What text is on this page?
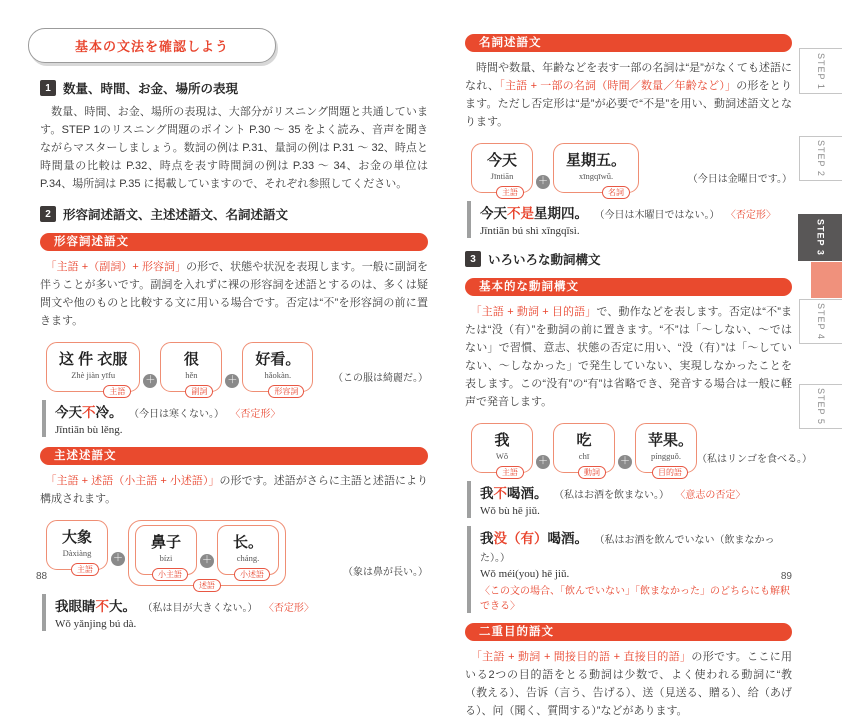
基本の文法を確認しよう
1 数量、時間、お金、場所の表現

　数量、時間、お金、場所の表現は、大部分がリスニング問題と共通しています。STEP 1のリスニング問題のポイント P.30 〜 35 をよく読み、音声を聞きながらマスターしましょう。数詞の例は P.31、量詞の例は P.31 〜 32、時点と時間量の比較は P.32、時点を表す時間詞の例は P.33 〜 34、お金の単位は P.34、場所詞は P.35 に掲載していますので、それぞれ参照してください。

2 形容詞述語文、主述述語文、名詞述語文
形容詞述語文

　「主語 +（副詞）+ 形容詞」の形で、状態や状況を表現します。一般に副詞を伴うことが多いです。副詞を入れずに裸の形容詞を述語とするのは、多くは疑問文や他のものと比較する文に用いる場合です。否定は“不”を形容詞の前に置きます。

这 件 衣服
Zhè jiàn yīfu
主語
＋
很
hěn
副詞
＋
好看。
hǎokàn.
形容詞
（この服は綺麗だ。）
今天不冷。 （今日は寒くない。） 〈否定形〉
Jīntiān bù lěng.
主述述語文

　「主語 + 述語（小主語 + 小述語）」の形です。述語がさらに主語と述語により構成されます。

大象
Dàxiàng
主語
＋
鼻子
bízi
小主語
＋
长。
cháng.
小述語
述語
（象は鼻が長い。）
我眼睛不大。 （私は目が大きくない。） 〈否定形〉
Wǒ yǎnjing bú dà.
名詞述語文

　時間や数量、年齢などを表す一部の名詞は“是”がなくても述語になれ、「主語 + 一部の名詞（時間／数量／年齢など）」の形をとります。ただし否定形は“是”が必要で“不是”を用い、動詞述語文となります。

今天
Jīntiān
主語
＋
星期五。
xīngqīwǔ.
名詞
（今日は金曜日です。）
今天不是星期四。 （今日は木曜日ではない。） 〈否定形〉
Jīntiān bú shì xīngqīsì.
3 いろいろな動詞構文
基本的な動詞構文

　「主語 + 動詞 + 目的語」で、動作などを表します。否定は“不”または“没（有）”を動詞の前に置きます。“不”は「〜しない、〜ではない」で習慣、意志、状態の否定に用い、“没（有）”は「〜していない、〜しなかった」で発生していない、実現しなかったことを表します。この“没有”の“有”は省略でき、発音する場合は一般に軽声で発音します。

我
Wǒ
主語
＋
吃
chī
動詞
＋
苹果。
píngguǒ.
目的語
（私はリンゴを食べる。）
我不喝酒。 （私はお酒を飲まない。） 〈意志の否定〉
Wǒ bù hē jiǔ.
我没（有）喝酒。 （私はお酒を飲んでいない（飲まなかった）。）
Wǒ méi(you) hē jiǔ.
〈この文の場合、「飲んでいない」「飲まなかった」のどちらにも解釈できる〉
二重目的語文

　「主語 + 動詞 + 間接目的語 + 直接目的語」の形です。ここに用いる2つの目的語をとる動詞は少数で、よく使われる動詞に“教（教える）、告诉（言う、告げる）、送（見送る、贈る）、给（あげる）、问（聞く、質問する）”などがあります。

88	89
STEP 1
STEP 2
STEP 3
STEP 4
STEP 5
